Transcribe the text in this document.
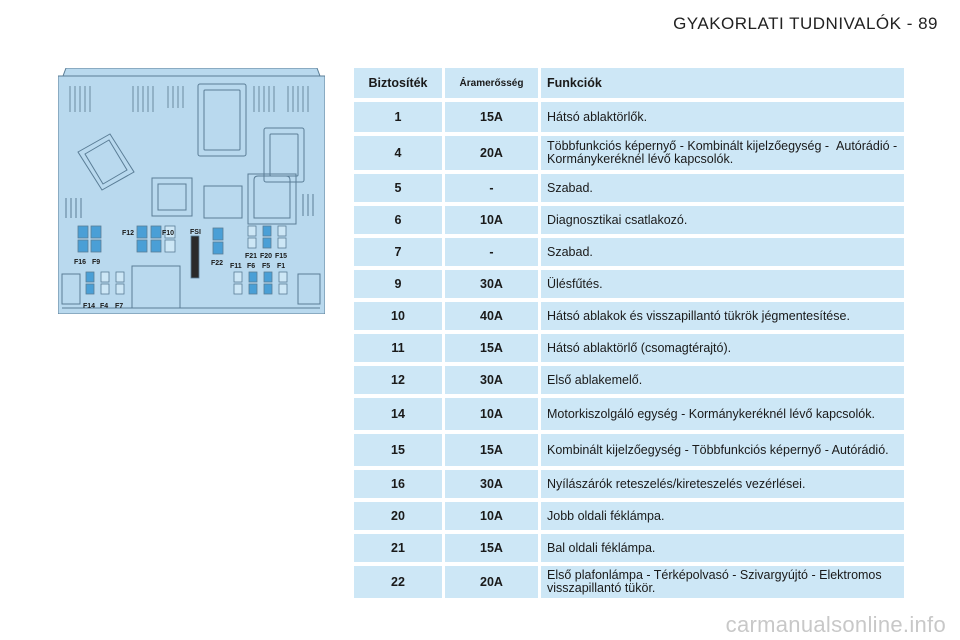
GYAKORLATI TUDNIVALÓK - 89
F12	F10
F16 F9
F14 F4 F7
FSI
F22 F11
F21 F20 F15
F6 F5 F1
Biztosíték	Áramerősség	Funkciók
1	15A	Hátsó ablaktörlők.
4	20A	Többfunkciós képernyő - Kombinált kijelzőegység -  Autórádió - Kormánykeréknél lévő kapcsolók.
5	-	Szabad.
6	10A	Diagnosztikai csatlakozó.
7	-	Szabad.
9	30A	Ülésfűtés.
10	40A	Hátsó ablakok és visszapillantó tükrök jégmentesítése.
11	15A	Hátsó ablaktörlő (csomagtérajtó).
12	30A	Első ablakemelő.
14	10A	Motorkiszolgáló egység - Kormánykeréknél lévő kapcsolók.
15	15A	Kombinált kijelzőegység - Többfunkciós képernyő - Autórádió.
16	30A	Nyílászárók reteszelés/kireteszelés vezérlései.
20	10A	Jobb oldali féklámpa.
21	15A	Bal oldali féklámpa.
22	20A	Első plafonlámpa - Térképolvasó - Szivargyújtó - Elektromos visszapillantó tükör.
carmanualsonline.info
